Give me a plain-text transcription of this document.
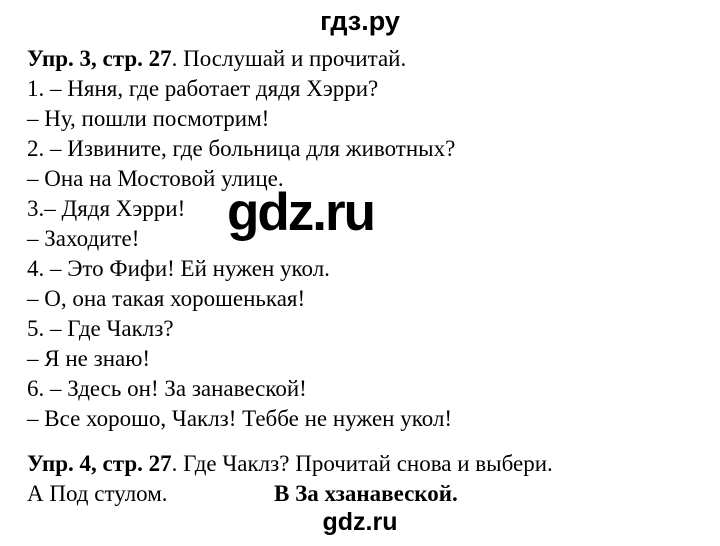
гдз.ру
Упр. 3, стр. 27. Послушай и прочитай.
1. – Няня, где работает дядя Хэрри?
– Ну, пошли посмотрим!
2. – Извините, где больница для животных?
– Она на Мостовой улице.
3.– Дядя Хэрри!
– Заходите!
4. – Это Фифи! Ей нужен укол.
– О, она такая хорошенькая!
5. – Где Чаклз?
– Я не знаю!
6. – Здесь он! За занавеской!
– Все хорошо, Чаклз! Теббе не нужен укол!
gdz.ru
Упр. 4, стр. 27. Где Чаклз? Прочитай снова и выбери.
А Под стулом.	В За хзанавеской.
gdz.ru
